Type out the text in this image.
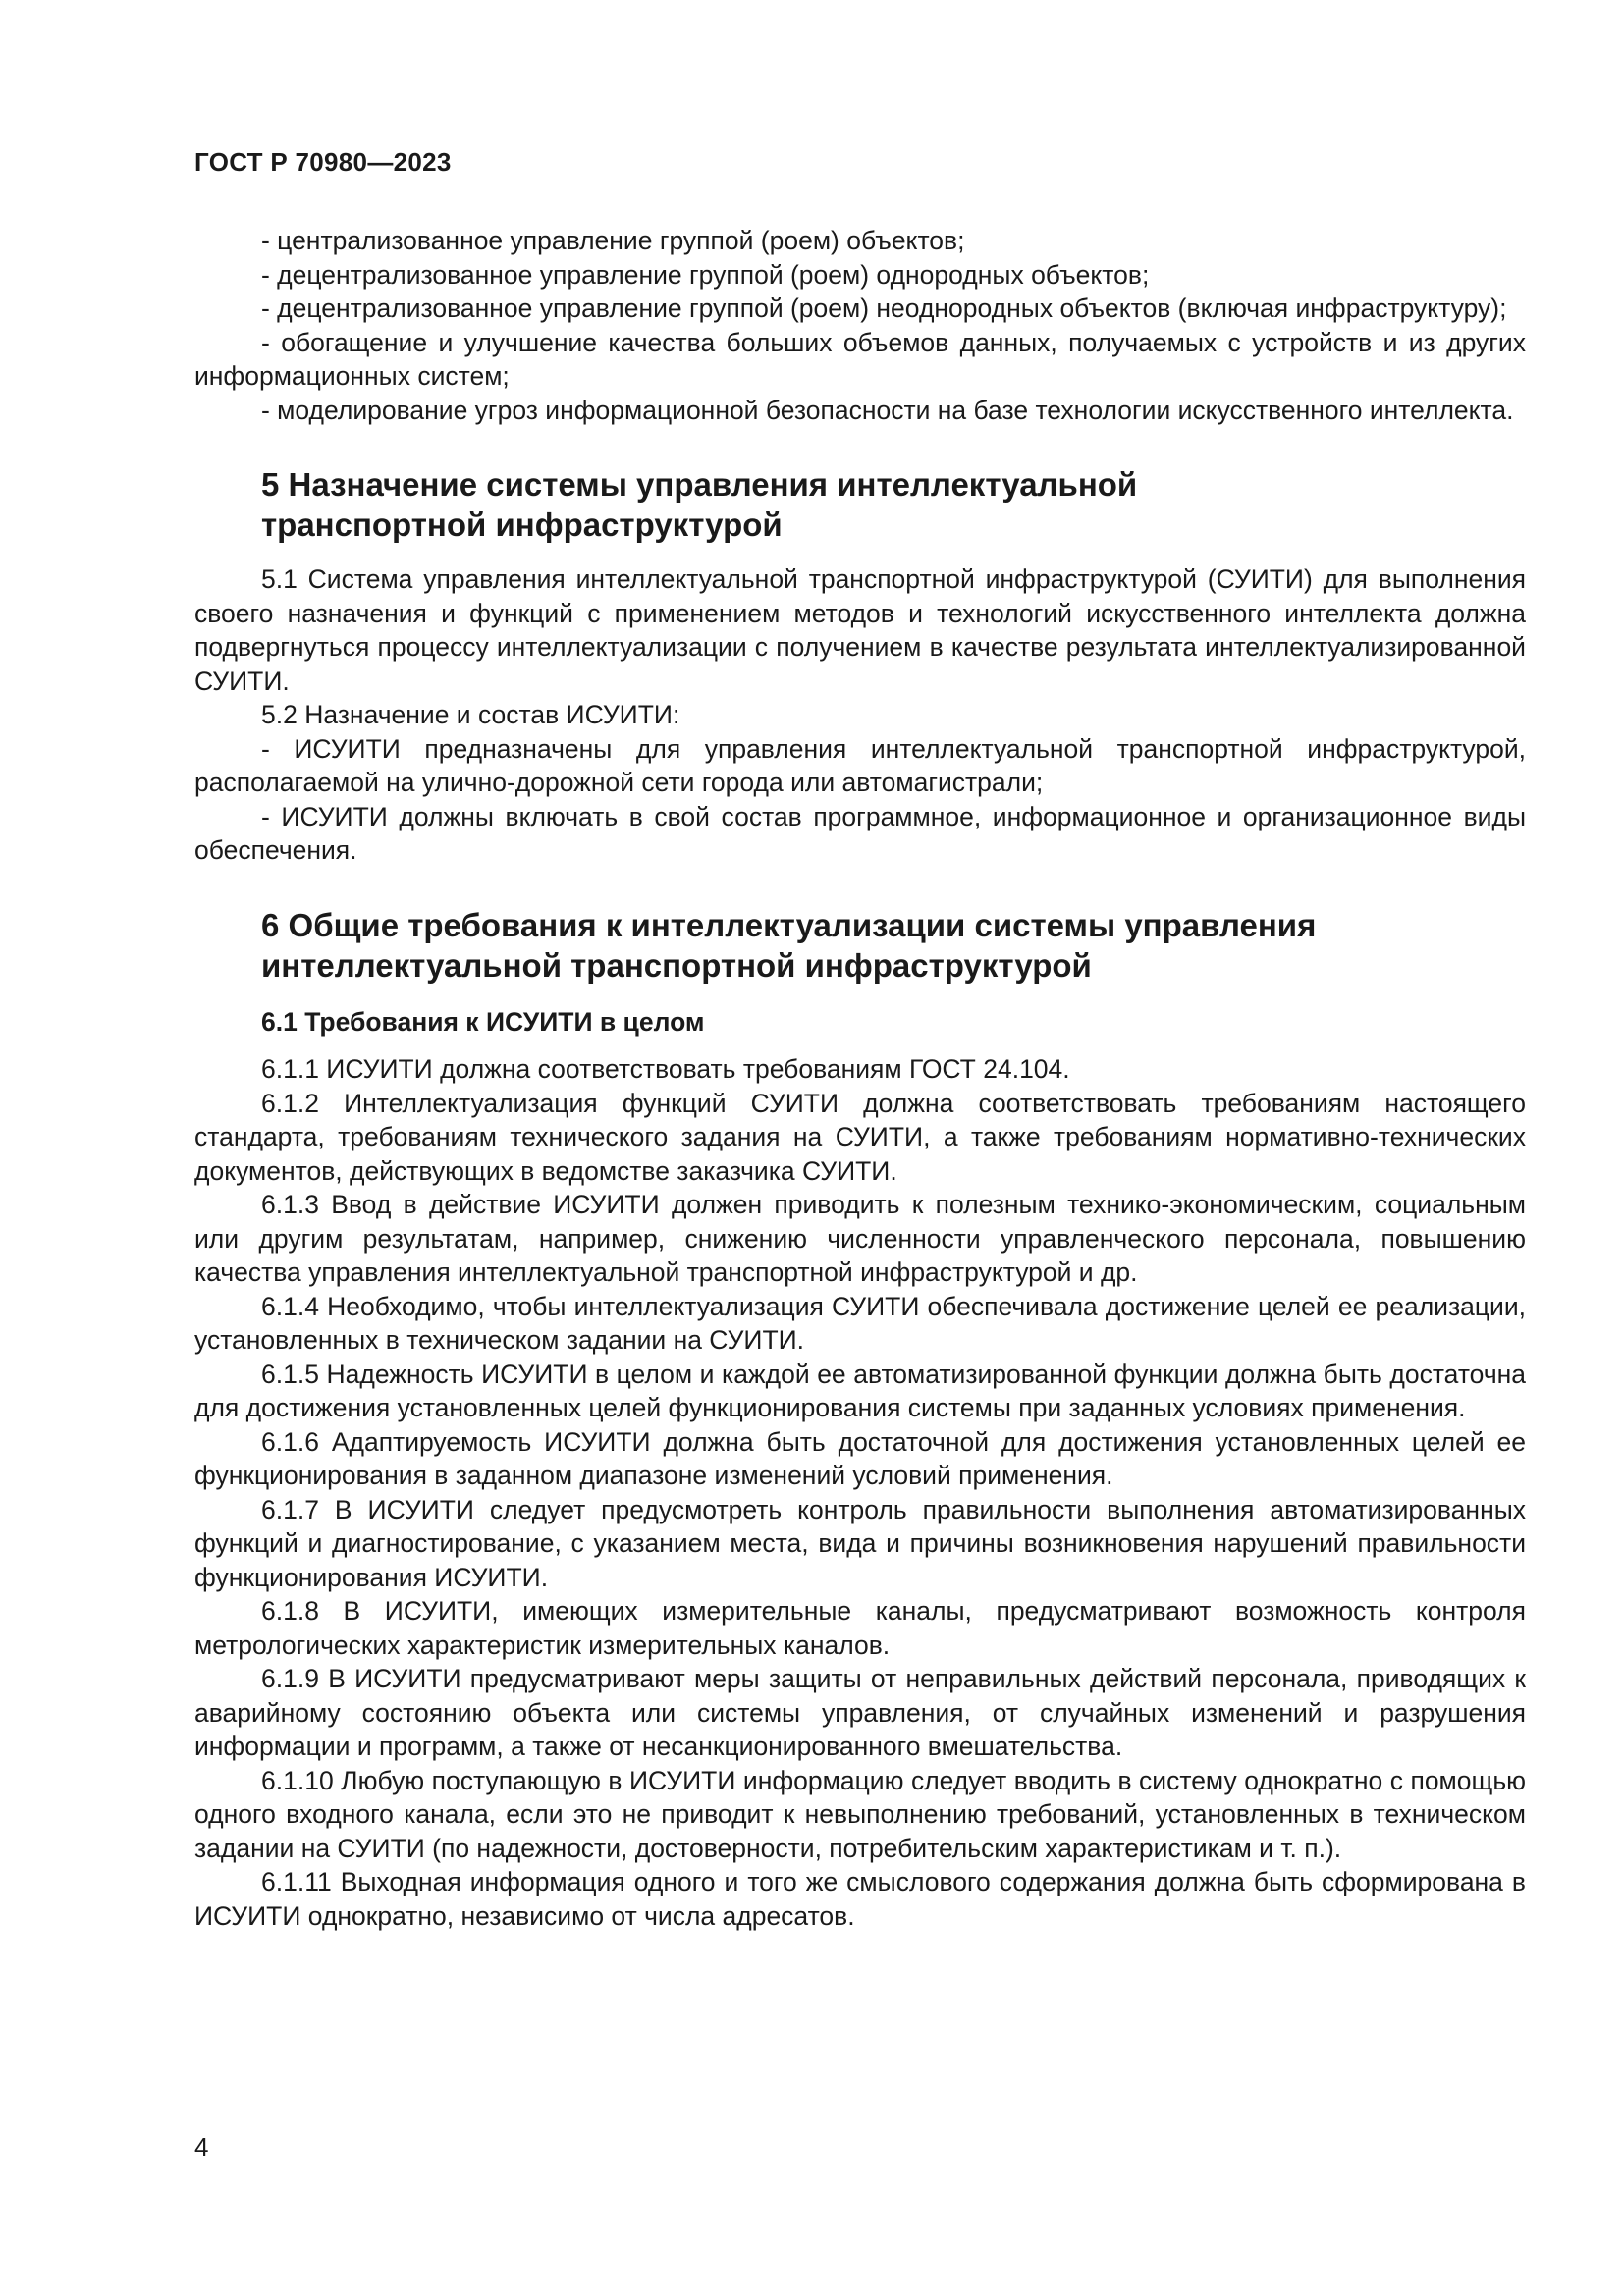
ГОСТ Р 70980—2023

- централизованное управление группой (роем) объектов;

- децентрализованное управление группой (роем) однородных объектов;

- децентрализованное управление группой (роем) неоднородных объектов (включая инфраструктуру);

- обогащение и улучшение качества больших объемов данных, получаемых с устройств и из других информационных систем;

- моделирование угроз информационной безопасности на базе технологии искусственного интеллекта.

5 Назначение системы управления интеллектуальной
транспортной инфраструктурой

5.1 Система управления интеллектуальной транспортной инфраструктурой (СУИТИ) для выполнения своего назначения и функций с применением методов и технологий искусственного интеллекта должна подвергнуться процессу интеллектуализации с получением в качестве результата интеллектуализированной СУИТИ.

5.2 Назначение и состав ИСУИТИ:

- ИСУИТИ предназначены для управления интеллектуальной транспортной инфраструктурой, располагаемой на улично-дорожной сети города или автомагистрали;

- ИСУИТИ должны включать в свой состав программное, информационное и организационное виды обеспечения.

6 Общие требования к интеллектуализации системы управления
интеллектуальной транспортной инфраструктурой
6.1 Требования к ИСУИТИ в целом

6.1.1 ИСУИТИ должна соответствовать требованиям ГОСТ 24.104.

6.1.2 Интеллектуализация функций СУИТИ должна соответствовать требованиям настоящего стандарта, требованиям технического задания на СУИТИ, а также требованиям нормативно-технических документов, действующих в ведомстве заказчика СУИТИ.

6.1.3 Ввод в действие ИСУИТИ должен приводить к полезным технико-экономическим, социальным или другим результатам, например, снижению численности управленческого персонала, повышению качества управления интеллектуальной транспортной инфраструктурой и др.

6.1.4 Необходимо, чтобы интеллектуализация СУИТИ обеспечивала достижение целей ее реализации, установленных в техническом задании на СУИТИ.

6.1.5 Надежность ИСУИТИ в целом и каждой ее автоматизированной функции должна быть достаточна для достижения установленных целей функционирования системы при заданных условиях применения.

6.1.6 Адаптируемость ИСУИТИ должна быть достаточной для достижения установленных целей ее функционирования в заданном диапазоне изменений условий применения.

6.1.7 В ИСУИТИ следует предусмотреть контроль правильности выполнения автоматизированных функций и диагностирование, с указанием места, вида и причины возникновения нарушений правильности функционирования ИСУИТИ.

6.1.8 В ИСУИТИ, имеющих измерительные каналы, предусматривают возможность контроля метрологических характеристик измерительных каналов.

6.1.9 В ИСУИТИ предусматривают меры защиты от неправильных действий персонала, приводящих к аварийному состоянию объекта или системы управления, от случайных изменений и разрушения информации и программ, а также от несанкционированного вмешательства.

6.1.10 Любую поступающую в ИСУИТИ информацию следует вводить в систему однократно с помощью одного входного канала, если это не приводит к невыполнению требований, установленных в техническом задании на СУИТИ (по надежности, достоверности, потребительским характеристикам и т. п.).

6.1.11 Выходная информация одного и того же смыслового содержания должна быть сформирована в ИСУИТИ однократно, независимо от числа адресатов.

4
